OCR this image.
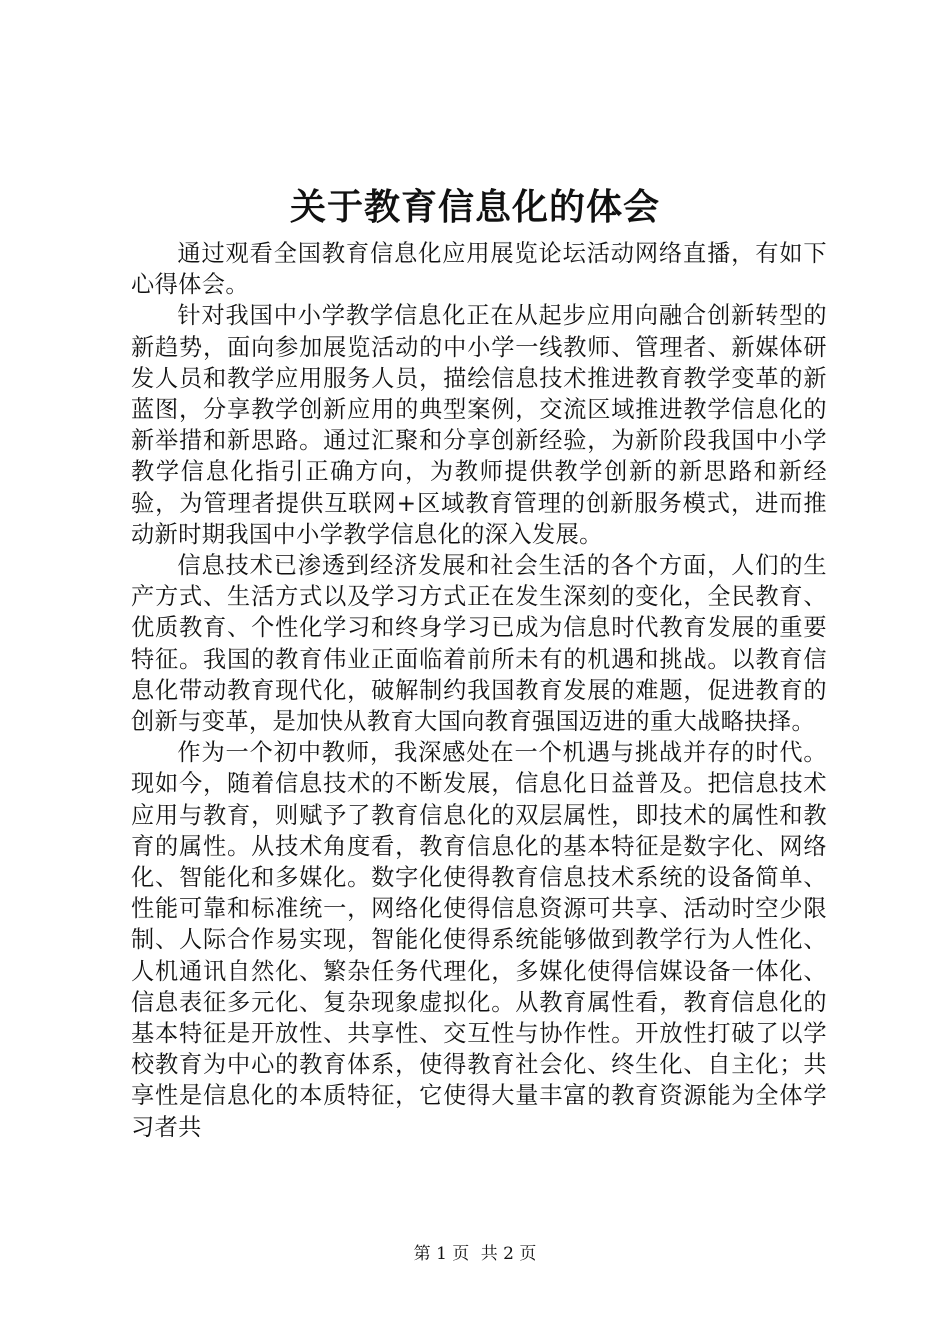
关于教育信息化的体会

通过观看全国教育信息化应用展览论坛活动网络直播，有如下心得体会。

针对我国中小学教学信息化正在从起步应用向融合创新转型的新趋势，面向参加展览活动的中小学一线教师、管理者、新媒体研发人员和教学应用服务人员，描绘信息技术推进教育教学变革的新蓝图，分享教学创新应用的典型案例，交流区域推进教学信息化的新举措和新思路。通过汇聚和分享创新经验，为新阶段我国中小学教学信息化指引正确方向，为教师提供教学创新的新思路和新经验，为管理者提供互联网+区域教育管理的创新服务模式，进而推动新时期我国中小学教学信息化的深入发展。

信息技术已渗透到经济发展和社会生活的各个方面，人们的生产方式、生活方式以及学习方式正在发生深刻的变化，全民教育、优质教育、个性化学习和终身学习已成为信息时代教育发展的重要特征。我国的教育伟业正面临着前所未有的机遇和挑战。以教育信息化带动教育现代化，破解制约我国教育发展的难题，促进教育的创新与变革，是加快从教育大国向教育强国迈进的重大战略抉择。

作为一个初中教师，我深感处在一个机遇与挑战并存的时代。现如今，随着信息技术的不断发展，信息化日益普及。把信息技术应用与教育，则赋予了教育信息化的双层属性，即技术的属性和教育的属性。从技术角度看，教育信息化的基本特征是数字化、网络化、智能化和多媒化。数字化使得教育信息技术系统的设备简单、性能可靠和标准统一，网络化使得信息资源可共享、活动时空少限制、人际合作易实现，智能化使得系统能够做到教学行为人性化、人机通讯自然化、繁杂任务代理化，多媒化使得信媒设备一体化、信息表征多元化、复杂现象虚拟化。从教育属性看，教育信息化的基本特征是开放性、共享性、交互性与协作性。开放性打破了以学校教育为中心的教育体系，使得教育社会化、终生化、自主化；共享性是信息化的本质特征，它使得大量丰富的教育资源能为全体学习者共

第 1 页 共 2 页
